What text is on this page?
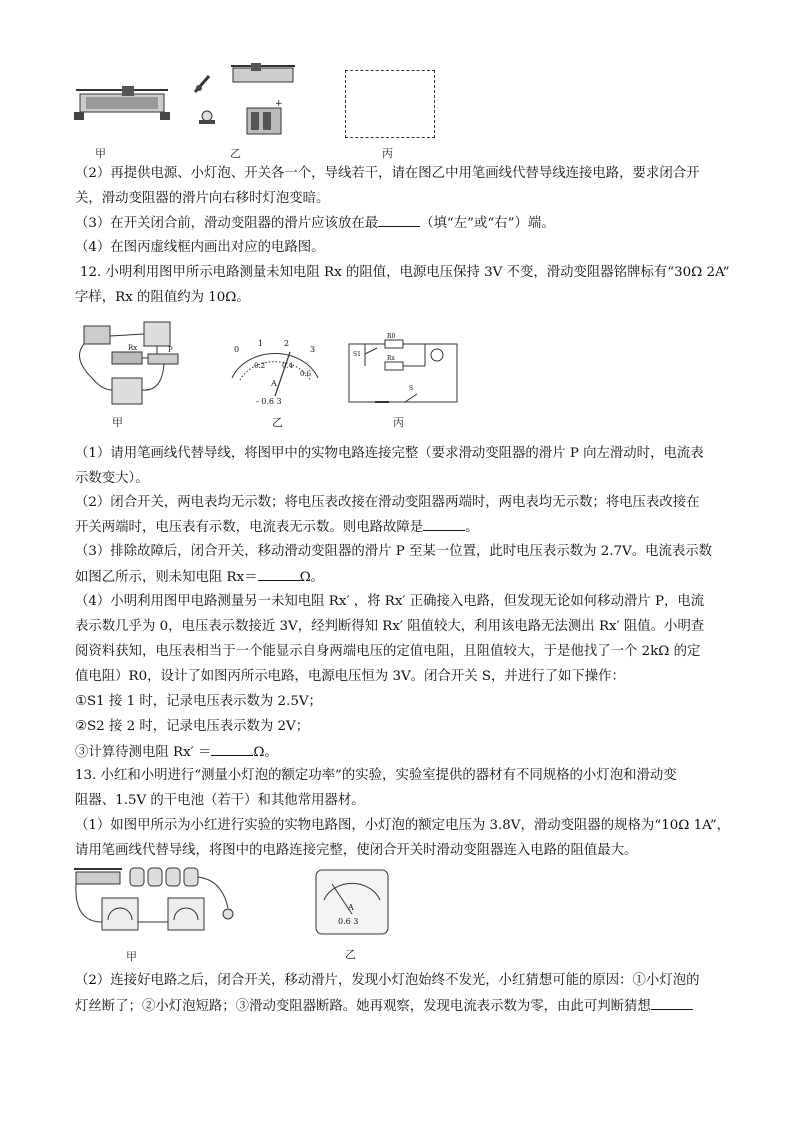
甲
+
乙	丙
（2）再提供电源、小灯泡、开关各一个，导线若干，请在图乙中用笔画线代替导线连接电路，要求闭合开
关，滑动变阻器的滑片向右移时灯泡变暗。
（3）在开关闭合前，滑动变阻器的滑片应该放在最	（填“左”或“右”）端。
（4）在图丙虚线框内画出对应的电路图。
12. 小明利用图甲所示电路测量未知电阻 Rx 的阻值，电源电压保持 3V 不变，滑动变阻器铭牌标有“30Ω 2A”
字样，Rx 的阻值约为 10Ω。
Rx	P
甲
0
1	2
3
0.2 0.4
0.6
A
- 0.6 3
乙
R0
Rx
S1
S
丙
（1）请用笔画线代替导线，将图甲中的实物电路连接完整（要求滑动变阻器的滑片 P 向左滑动时，电流表
示数变大）。
（2）闭合开关，两电表均无示数；将电压表改接在滑动变阻器两端时，两电表均无示数；将电压表改接在
开关两端时，电压表有示数，电流表无示数。则电路故障是	。
（3）排除故障后，闭合开关，移动滑动变阻器的滑片 P 至某一位置，此时电压表示数为 2.7V。电流表示数
如图乙所示，则未知电阻 Rx＝	Ω。
（4）小明利用图甲电路测量另一未知电阻 Rx′ ，将 Rx′ 正确接入电路，但发现无论如何移动滑片 P，电流
表示数几乎为 0，电压表示数接近 3V，经判断得知 Rx′ 阻值较大，利用该电路无法测出 Rx′ 阻值。小明查
阅资料获知，电压表相当于一个能显示自身两端电压的定值电阻，且阻值较大，于是他找了一个 2kΩ 的定
值电阻）R0，设计了如图丙所示电路，电源电压恒为 3V。闭合开关 S，并进行了如下操作：
①S1 接 1 时，记录电压表示数为 2.5V；
②S2 接 2 时，记录电压表示数为 2V；
③计算待测电阻 Rx′ ＝	Ω。
13. 小红和小明进行“测量小灯泡的额定功率”的实验，实验室提供的器材有不同规格的小灯泡和滑动变
阻器、1.5V 的干电池（若干）和其他常用器材。
（1）如图甲所示为小红进行实验的实物电路图，小灯泡的额定电压为 3.8V，滑动变阻器的规格为“10Ω 1A”，
请用笔画线代替导线，将图中的电路连接完整，使闭合开关时滑动变阻器连入电路的阻值最大。
甲
A
0.6 3
乙
（2）连接好电路之后，闭合开关，移动滑片，发现小灯泡始终不发光，小红猜想可能的原因：①小灯泡的
灯丝断了；②小灯泡短路；③滑动变阻器断路。她再观察，发现电流表示数为零，由此可判断猜想
